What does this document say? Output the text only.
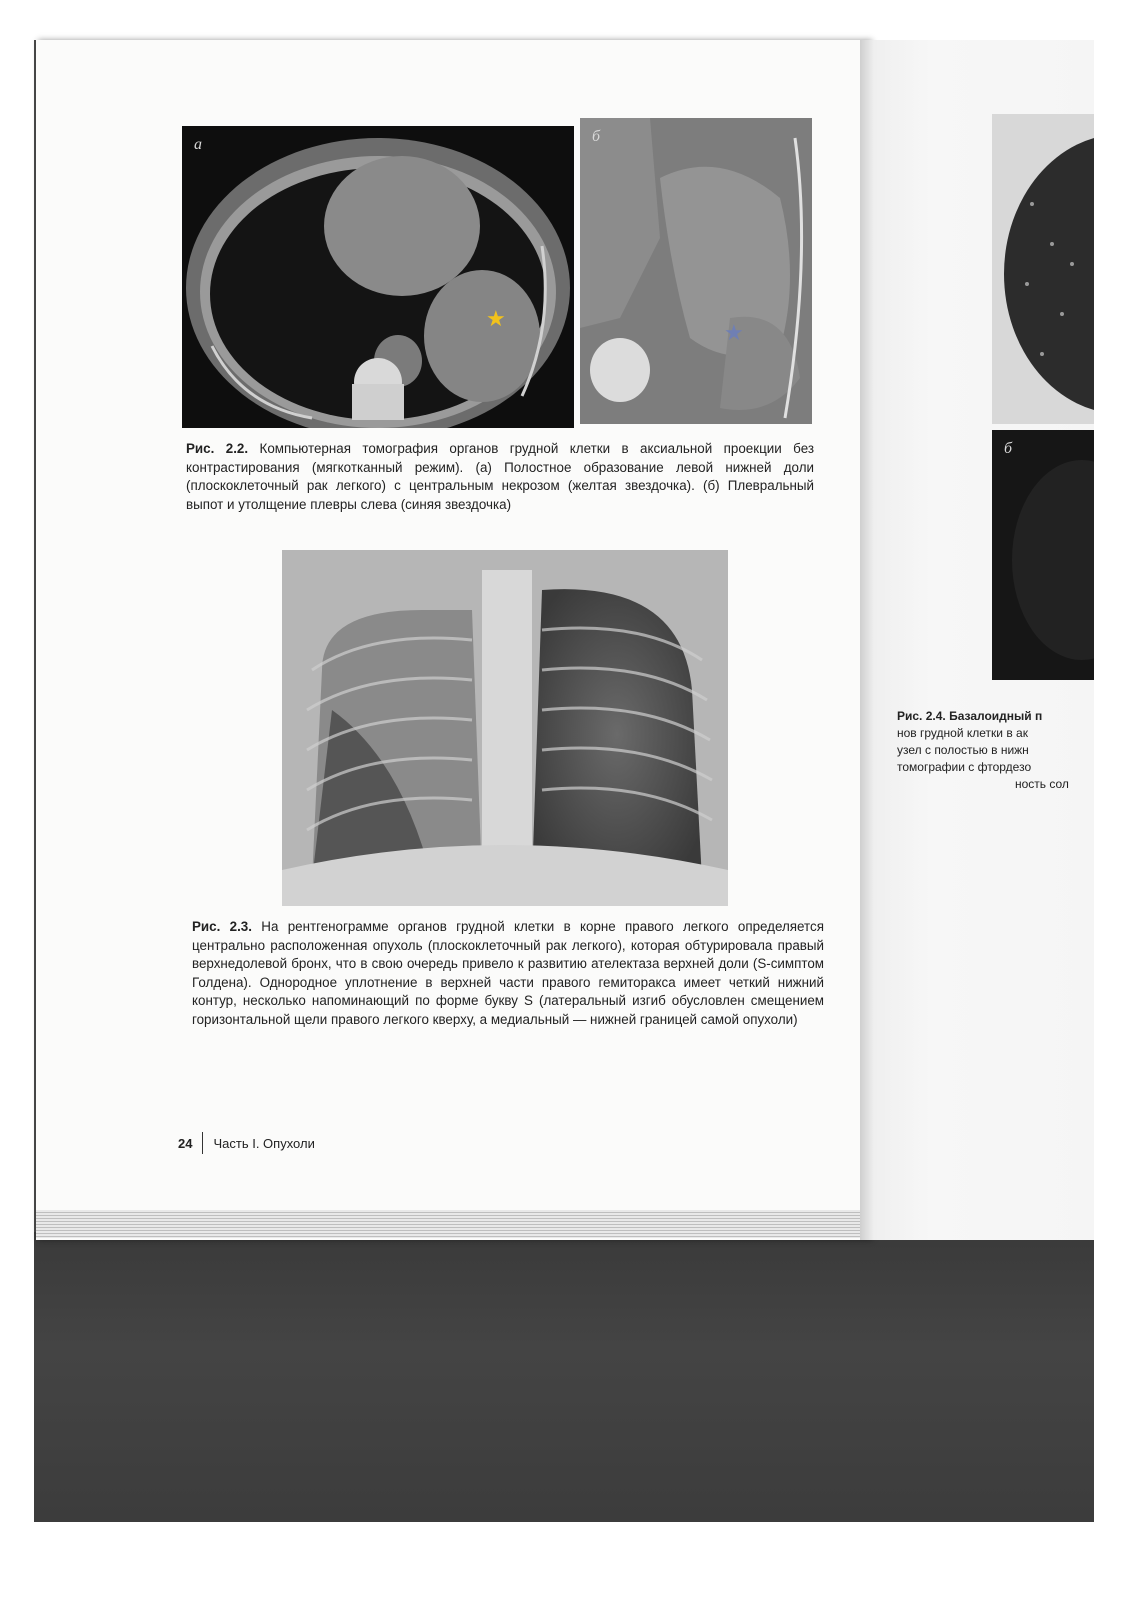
а
★
б
★
Рис. 2.2. Компьютерная томография органов грудной клетки в аксиальной проекции без контрастирования (мягкотканный режим). (а) Полостное образование левой нижней доли (плоскоклеточный рак легкого) с центральным некрозом (желтая звездочка). (б) Плевральный выпот и утолщение плевры слева (синяя звездочка)
Рис. 2.3. На рентгенограмме органов грудной клетки в корне правого легкого определяется центрально расположенная опухоль (плоскоклеточный рак легкого), которая обтурировала правый верхнедолевой бронх, что в свою очередь привело к развитию ателектаза верхней доли (S-симптом Голдена). Однородное уплотнение в верхней части правого гемиторакса имеет четкий нижний контур, несколько напоминающий по форме букву S (латеральный изгиб обусловлен смещением горизонтальной щели правого легкого кверху, а медиальный — нижней границей самой опухоли)
24 Часть I. Опухоли
а
б
Рис. 2.4. Базалоидный п
нов грудной клетки в ак
узел с полостью в нижн
томографии с фтордезо
ность сол
